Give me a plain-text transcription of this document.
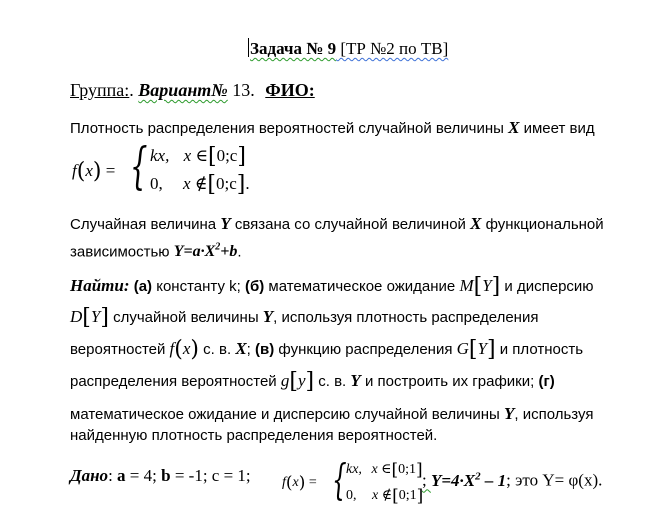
Задача № 9 [ТР №2 по ТВ]
Группа:. Вариант№ 13. ФИО:
Плотность распределения вероятностей случайной величины X имеет вид
f(x) = { kx, x ∈[0;c]
0, x ∉[0;c].
Случайная величина Y связана со случайной величиной X функциональной
зависимостью $Y=a\cdot X^2+b$.
Найти: (а) константу k; (б) математическое ожидание M[Y] и дисперсию
D[Y] случайной величины Y, используя плотность распределения
вероятностей f(x) с. в. X; (в) функцию распределения G[Y] и плотность
распределения вероятностей g[y] с. в. Y и построить их графики; (г)
математическое ожидание и дисперсию случайной величины Y, используя
найденную плотность распределения вероятностей.
Дано: a = 4; b = -1; c = 1; f(x) = { kx, x ∈[0;1]
0, x ∉[0;1]
; $Y=4\cdot X^2 - 1$; это Y= φ(x).
